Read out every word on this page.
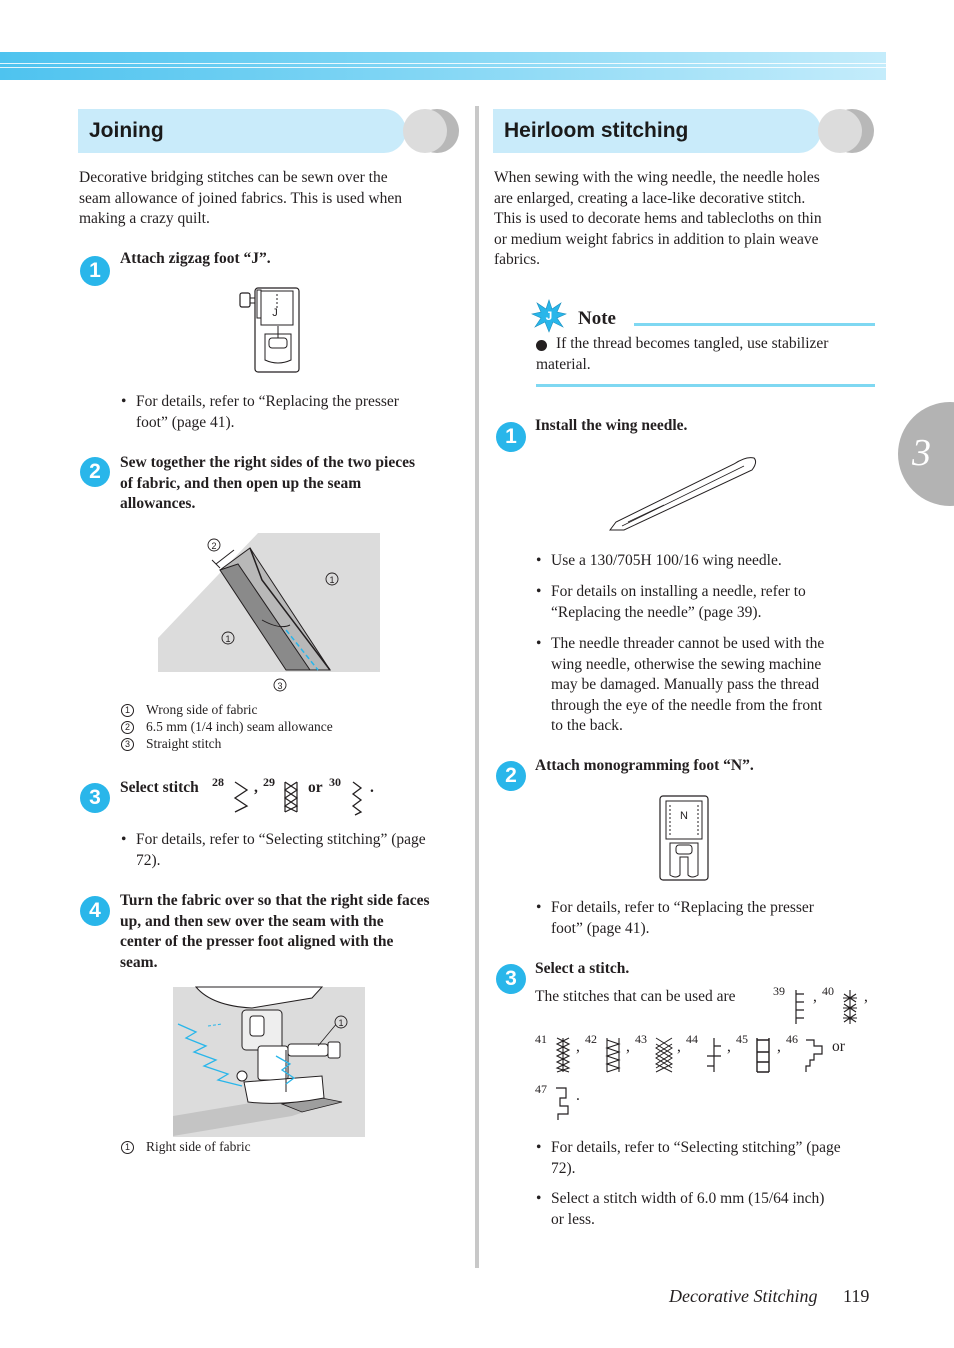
3
Joining
Decorative bridging stitches can be sewn over the
seam allowance of joined fabrics. This is used when
making a crazy quilt.
1
Attach zigzag foot “J”.
J
• For details, refer to “Replacing the presser
foot” (page 41).
2	Sew together the right sides of the two pieces
of fabric, and then open up the seam
allowances.
2
1
1
3
1 Wrong side of fabric
2 6.5 mm (1/4 inch) seam allowance
3 Straight stitch
3	Select stitch 28 , 29 or 30 .
• For details, refer to “Selecting stitching” (page
72).
4	Turn the fabric over so that the right side faces
up, and then sew over the seam with the
center of the presser foot aligned with the
seam.
1
1 Right side of fabric
Heirloom stitching
When sewing with the wing needle, the needle holes
are enlarged, creating a lace-like decorative stitch.
This is used to decorate hems and tablecloths on thin
or medium weight fabrics in addition to plain weave
fabrics.
J Note
If the thread becomes tangled, use stabilizer
material.
1	Install the wing needle.
• Use a 130/705H 100/16 wing needle.
• For details on installing a needle, refer to
“Replacing the needle” (page 39).
• The needle threader cannot be used with the
wing needle, otherwise the sewing machine
may be damaged. Manually pass the thread
through the eye of the needle from the front
to the back.
2	Attach monogramming foot “N”.
N
• For details, refer to “Replacing the presser
foot” (page 41).
3	Select a stitch.
The stitches that can be used are	39 , 40 ,
41 , 42 , 43 , 44 , 45 , 46 or
47 .
• For details, refer to “Selecting stitching” (page
72).
• Select a stitch width of 6.0 mm (15/64 inch)
or less.
Decorative Stitching 119
